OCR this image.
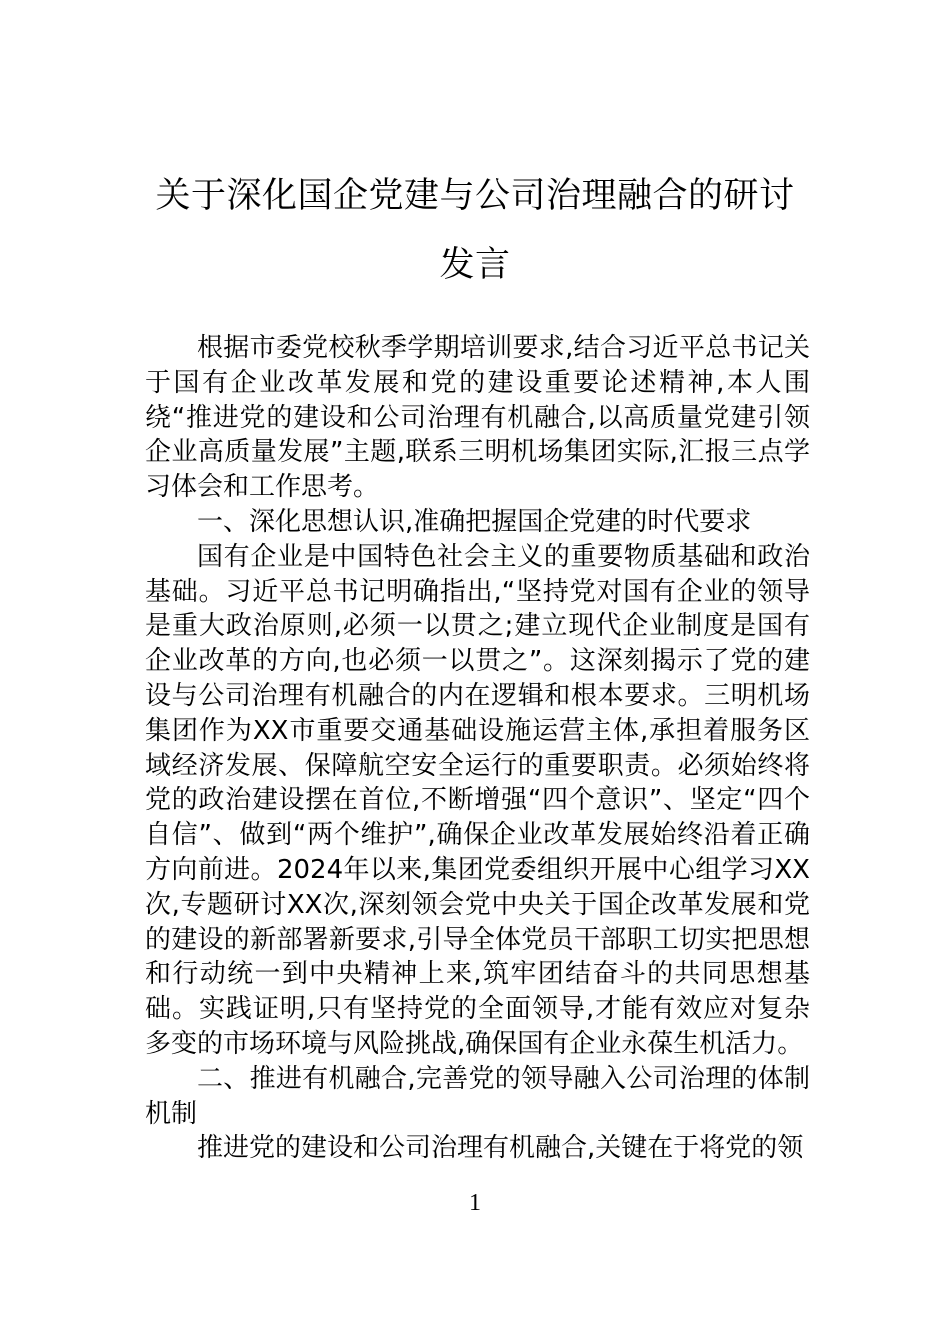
关于深化国企党建与公司治理融合的研讨
发言

根据市委党校秋季学期培训要求,结合习近平总书记关于国有企业改革发展和党的建设重要论述精神,本人围绕“推进党的建设和公司治理有机融合,以高质量党建引领企业高质量发展”主题,联系三明机场集团实际,汇报三点学习体会和工作思考。

一、深化思想认识,准确把握国企党建的时代要求

国有企业是中国特色社会主义的重要物质基础和政治基础。习近平总书记明确指出,“坚持党对国有企业的领导是重大政治原则,必须一以贯之;建立现代企业制度是国有企业改革的方向,也必须一以贯之”。这深刻揭示了党的建设与公司治理有机融合的内在逻辑和根本要求。三明机场集团作为XX市重要交通基础设施运营主体,承担着服务区域经济发展、保障航空安全运行的重要职责。必须始终将党的政治建设摆在首位,不断增强“四个意识”、坚定“四个自信”、做到“两个维护”,确保企业改革发展始终沿着正确方向前进。2024年以来,集团党委组织开展中心组学习XX次,专题研讨XX次,深刻领会党中央关于国企改革发展和党的建设的新部署新要求,引导全体党员干部职工切实把思想和行动统一到中央精神上来,筑牢团结奋斗的共同思想基础。实践证明,只有坚持党的全面领导,才能有效应对复杂多变的市场环境与风险挑战,确保国有企业永葆生机活力。

二、推进有机融合,完善党的领导融入公司治理的体制机制

推进党的建设和公司治理有机融合,关键在于将党的领

1
